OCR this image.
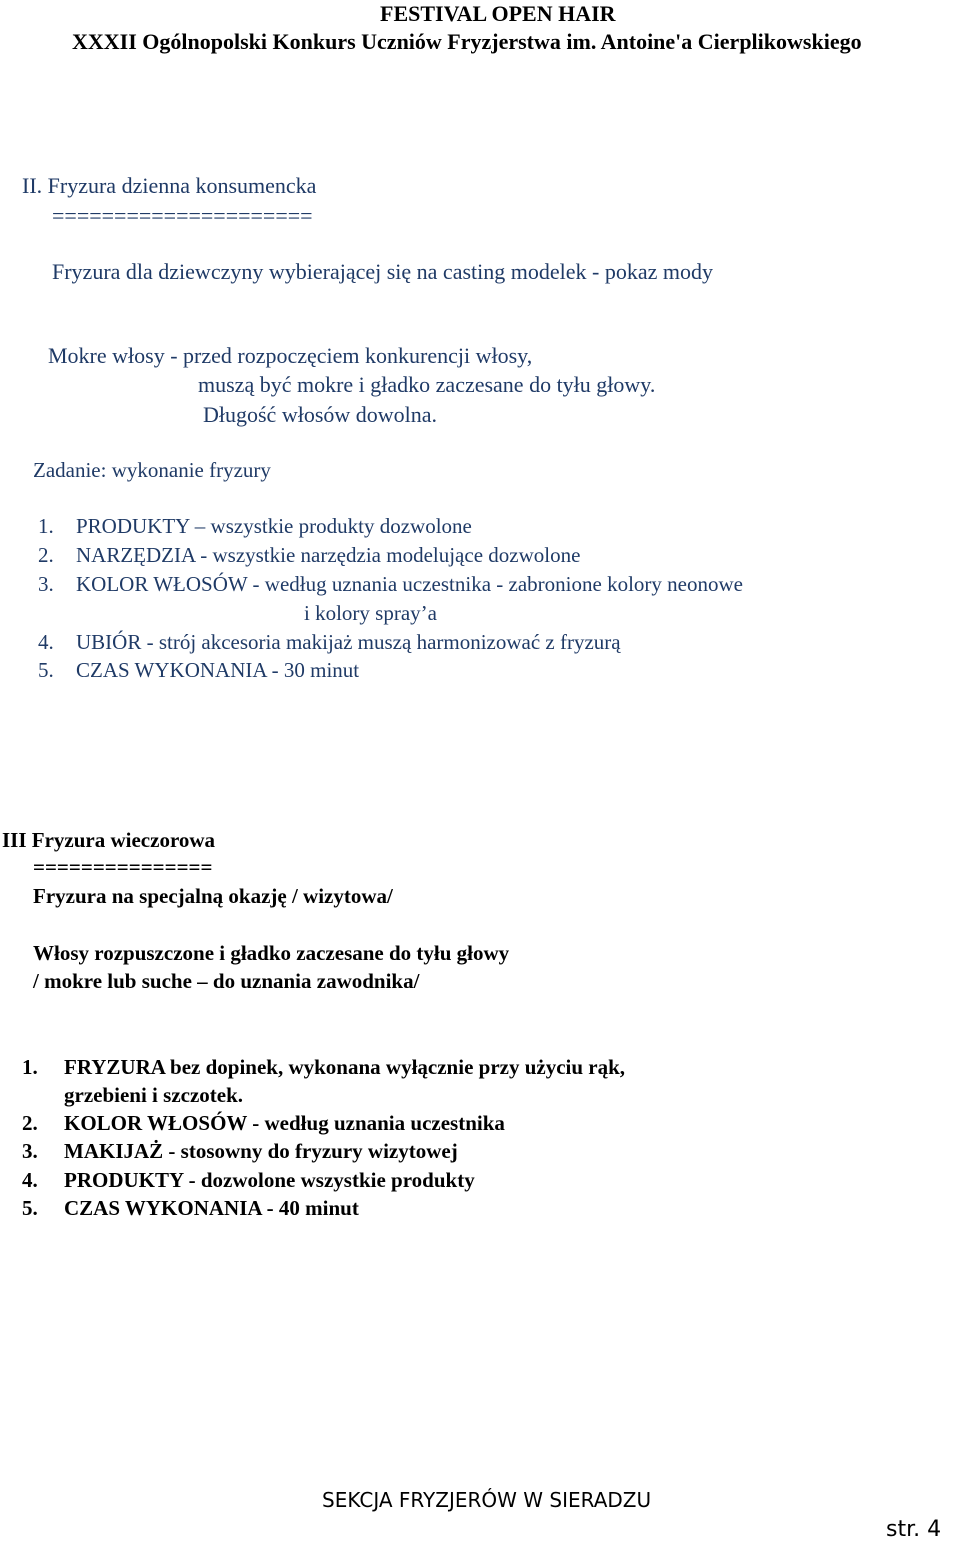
FESTIVAL OPEN HAIR
XXXII Ogólnopolski Konkurs Uczniów Fryzjerstwa im. Antoine'a Cierplikowskiego
II. Fryzura dzienna konsumencka
=====================
Fryzura dla dziewczyny wybierającej się na casting modelek - pokaz mody
Mokre włosy - przed rozpoczęciem konkurencji włosy,
muszą być mokre i gładko zaczesane do tyłu głowy.
Długość włosów dowolna.
Zadanie: wykonanie fryzury
1. PRODUKTY – wszystkie produkty dozwolone
2. NARZĘDZIA - wszystkie narzędzia modelujące dozwolone
3. KOLOR WŁOSÓW - według uznania uczestnika - zabronione kolory neonowe
i kolory spray’a
4. UBIÓR - strój akcesoria makijaż muszą harmonizować z fryzurą
5. CZAS WYKONANIA - 30 minut
III Fryzura wieczorowa
===============
Fryzura na specjalną okazję / wizytowa/
Włosy rozpuszczone i gładko zaczesane do tyłu głowy
/ mokre lub suche – do uznania zawodnika/
1. FRYZURA bez dopinek, wykonana wyłącznie przy użyciu rąk,
grzebieni i szczotek.
2. KOLOR WŁOSÓW - według uznania uczestnika
3. MAKIJAŻ - stosowny do fryzury wizytowej
4. PRODUKTY - dozwolone wszystkie produkty
5. CZAS WYKONANIA - 40 minut
SEKCJA FRYZJERÓW W SIERADZU
str. 4
